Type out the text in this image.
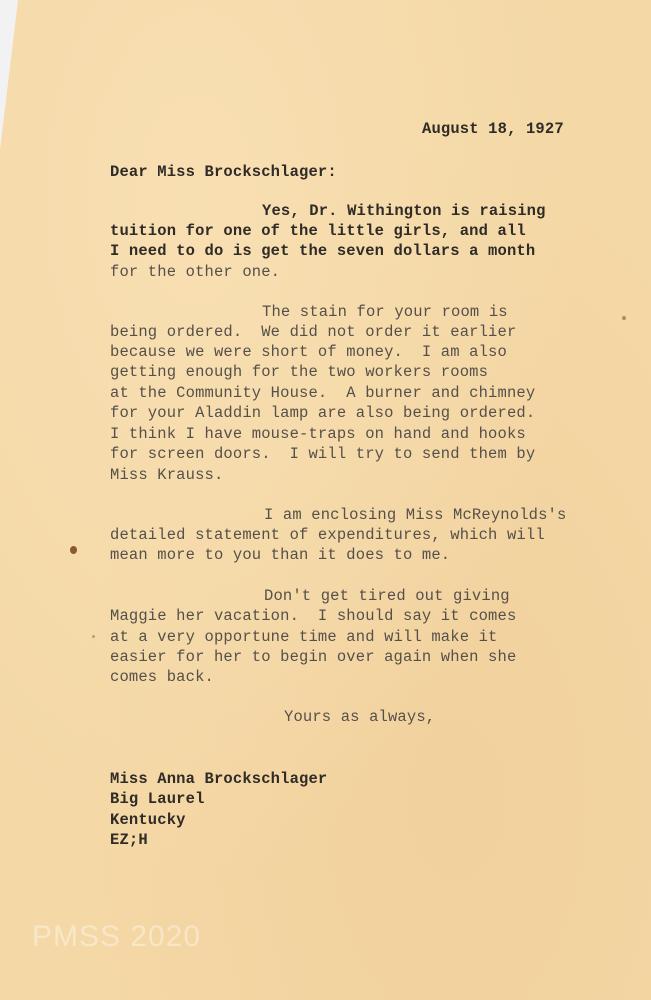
August 18, 1927
Dear Miss Brockschlager:
Yes, Dr. Withington is raising
tuition for one of the little girls, and all
I need to do is get the seven dollars a month
for the other one.
The stain for your room is
being ordered.  We did not order it earlier
because we were short of money.  I am also
getting enough for the two workers rooms
at the Community House.  A burner and chimney
for your Aladdin lamp are also being ordered.
I think I have mouse-traps on hand and hooks
for screen doors.  I will try to send them by
Miss Krauss.
I am enclosing Miss McReynolds's
detailed statement of expenditures, which will
mean more to you than it does to me.
Don't get tired out giving
Maggie her vacation.  I should say it comes
at a very opportune time and will make it
easier for her to begin over again when she
comes back.
Yours as always,
Miss Anna Brockschlager
Big Laurel
Kentucky
EZ;H
PMSS 2020
